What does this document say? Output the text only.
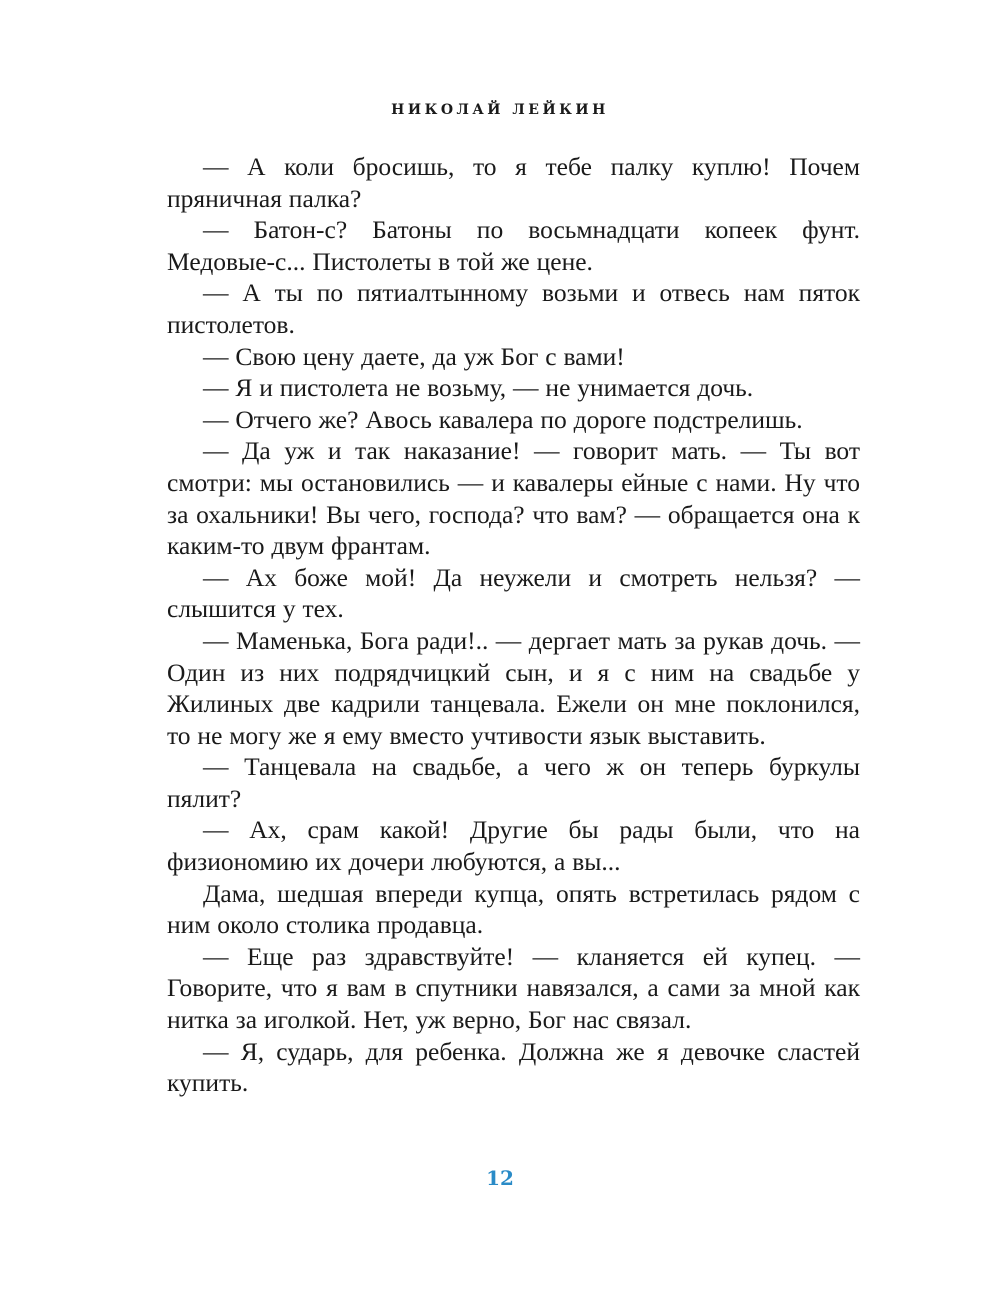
НИКОЛАЙ ЛЕЙКИН

— А коли бросишь, то я тебе палку куплю! Почем пряничная палка?

— Батон-с? Батоны по восьмнадцати копеек фунт. Медовые-с... Пистолеты в той же цене.

— А ты по пятиалтынному возьми и отвесь нам пяток пистолетов.

— Свою цену даете, да уж Бог с вами!

— Я и пистолета не возьму, — не унимается дочь.

— Отчего же? Авось кавалера по дороге подстрелишь.

— Да уж и так наказание! — говорит мать. — Ты вот смотри: мы остановились — и кавалеры ейные с нами. Ну что за охальники! Вы чего, господа? что вам? — обращается она к каким-то двум франтам.

— Ах боже мой! Да неужели и смотреть нельзя? — слышится у тех.

— Маменька, Бога ради!.. — дергает мать за рукав дочь. — Один из них подрядчицкий сын, и я с ним на свадьбе у Жилиных две кадрили танцевала. Ежели он мне поклонился, то не могу же я ему вместо учтивости язык выставить.

— Танцевала на свадьбе, а чего ж он теперь буркулы пялит?

— Ах, срам какой! Другие бы рады были, что на физиономию их дочери любуются, а вы...

Дама, шедшая впереди купца, опять встретилась рядом с ним около столика продавца.

— Еще раз здравствуйте! — кланяется ей купец. — Говорите, что я вам в спутники навязался, а сами за мной как нитка за иголкой. Нет, уж верно, Бог нас связал.

— Я, сударь, для ребенка. Должна же я девочке сластей купить.

12
